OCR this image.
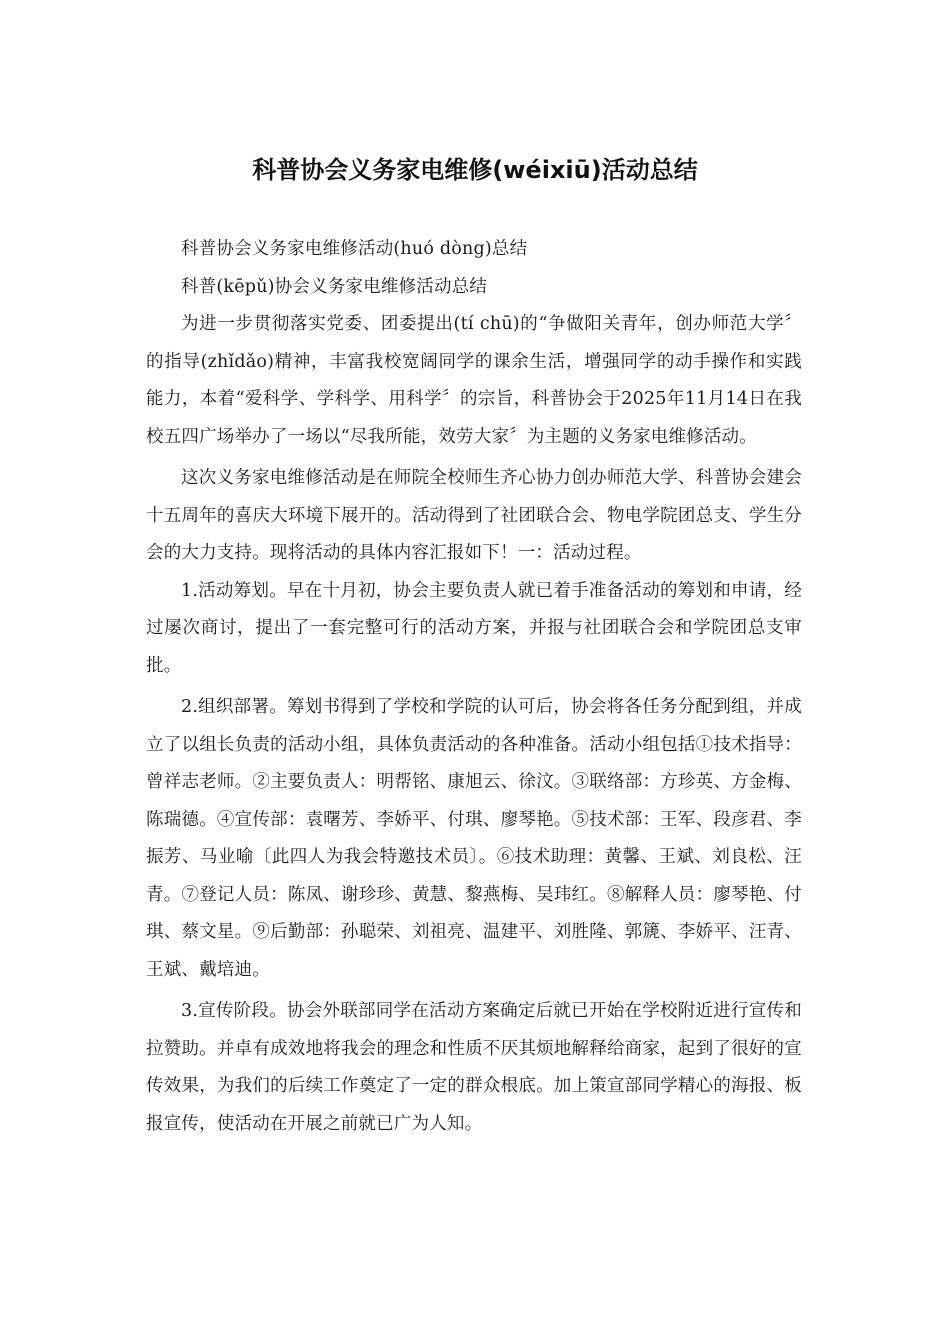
科普协会义务家电维修(wéixiū)活动总结

科普协会义务家电维修活动(huó dòng)总结

科普(kēpǔ)协会义务家电维修活动总结

为进一步贯彻落实党委、团委提出(tí chū)的“争做阳关青年，创办师范大学〞的指导(zhǐdǎo)精神，丰富我校宽阔同学的课余生活，增强同学的动手操作和实践能力，本着“爱科学、学科学、用科学〞的宗旨，科普协会于2025年11月14日在我校五四广场举办了一场以“尽我所能，效劳大家〞为主题的义务家电维修活动。

这次义务家电维修活动是在师院全校师生齐心协力创办师范大学、科普协会建会十五周年的喜庆大环境下展开的。活动得到了社团联合会、物电学院团总支、学生分会的大力支持。现将活动的具体内容汇报如下！一：活动过程。

1.活动筹划。早在十月初，协会主要负责人就已着手准备活动的筹划和申请，经过屡次商讨，提出了一套完整可行的活动方案，并报与社团联合会和学院团总支审批。

2.组织部署。筹划书得到了学校和学院的认可后，协会将各任务分配到组，并成立了以组长负责的活动小组，具体负责活动的各种准备。活动小组包括①技术指导：曾祥志老师。②主要负责人：明帮铭、康旭云、徐汶。③联络部：方珍英、方金梅、陈瑞德。④宣传部：袁曙芳、李娇平、付琪、廖琴艳。⑤技术部：王军、段彦君、李振芳、马业喻〔此四人为我会特邀技术员〕。⑥技术助理：黄馨、王斌、刘良松、汪青。⑦登记人员：陈凤、谢珍珍、黄慧、黎燕梅、吴玮红。⑧解释人员：廖琴艳、付琪、蔡文星。⑨后勤部：孙聪荣、刘祖亮、温建平、刘胜隆、郭篪、李娇平、汪青、王斌、戴培迪。

3.宣传阶段。协会外联部同学在活动方案确定后就已开始在学校附近进行宣传和拉赞助。并卓有成效地将我会的理念和性质不厌其烦地解释给商家，起到了很好的宣传效果，为我们的后续工作奠定了一定的群众根底。加上策宣部同学精心的海报、板报宣传，使活动在开展之前就已广为人知。
